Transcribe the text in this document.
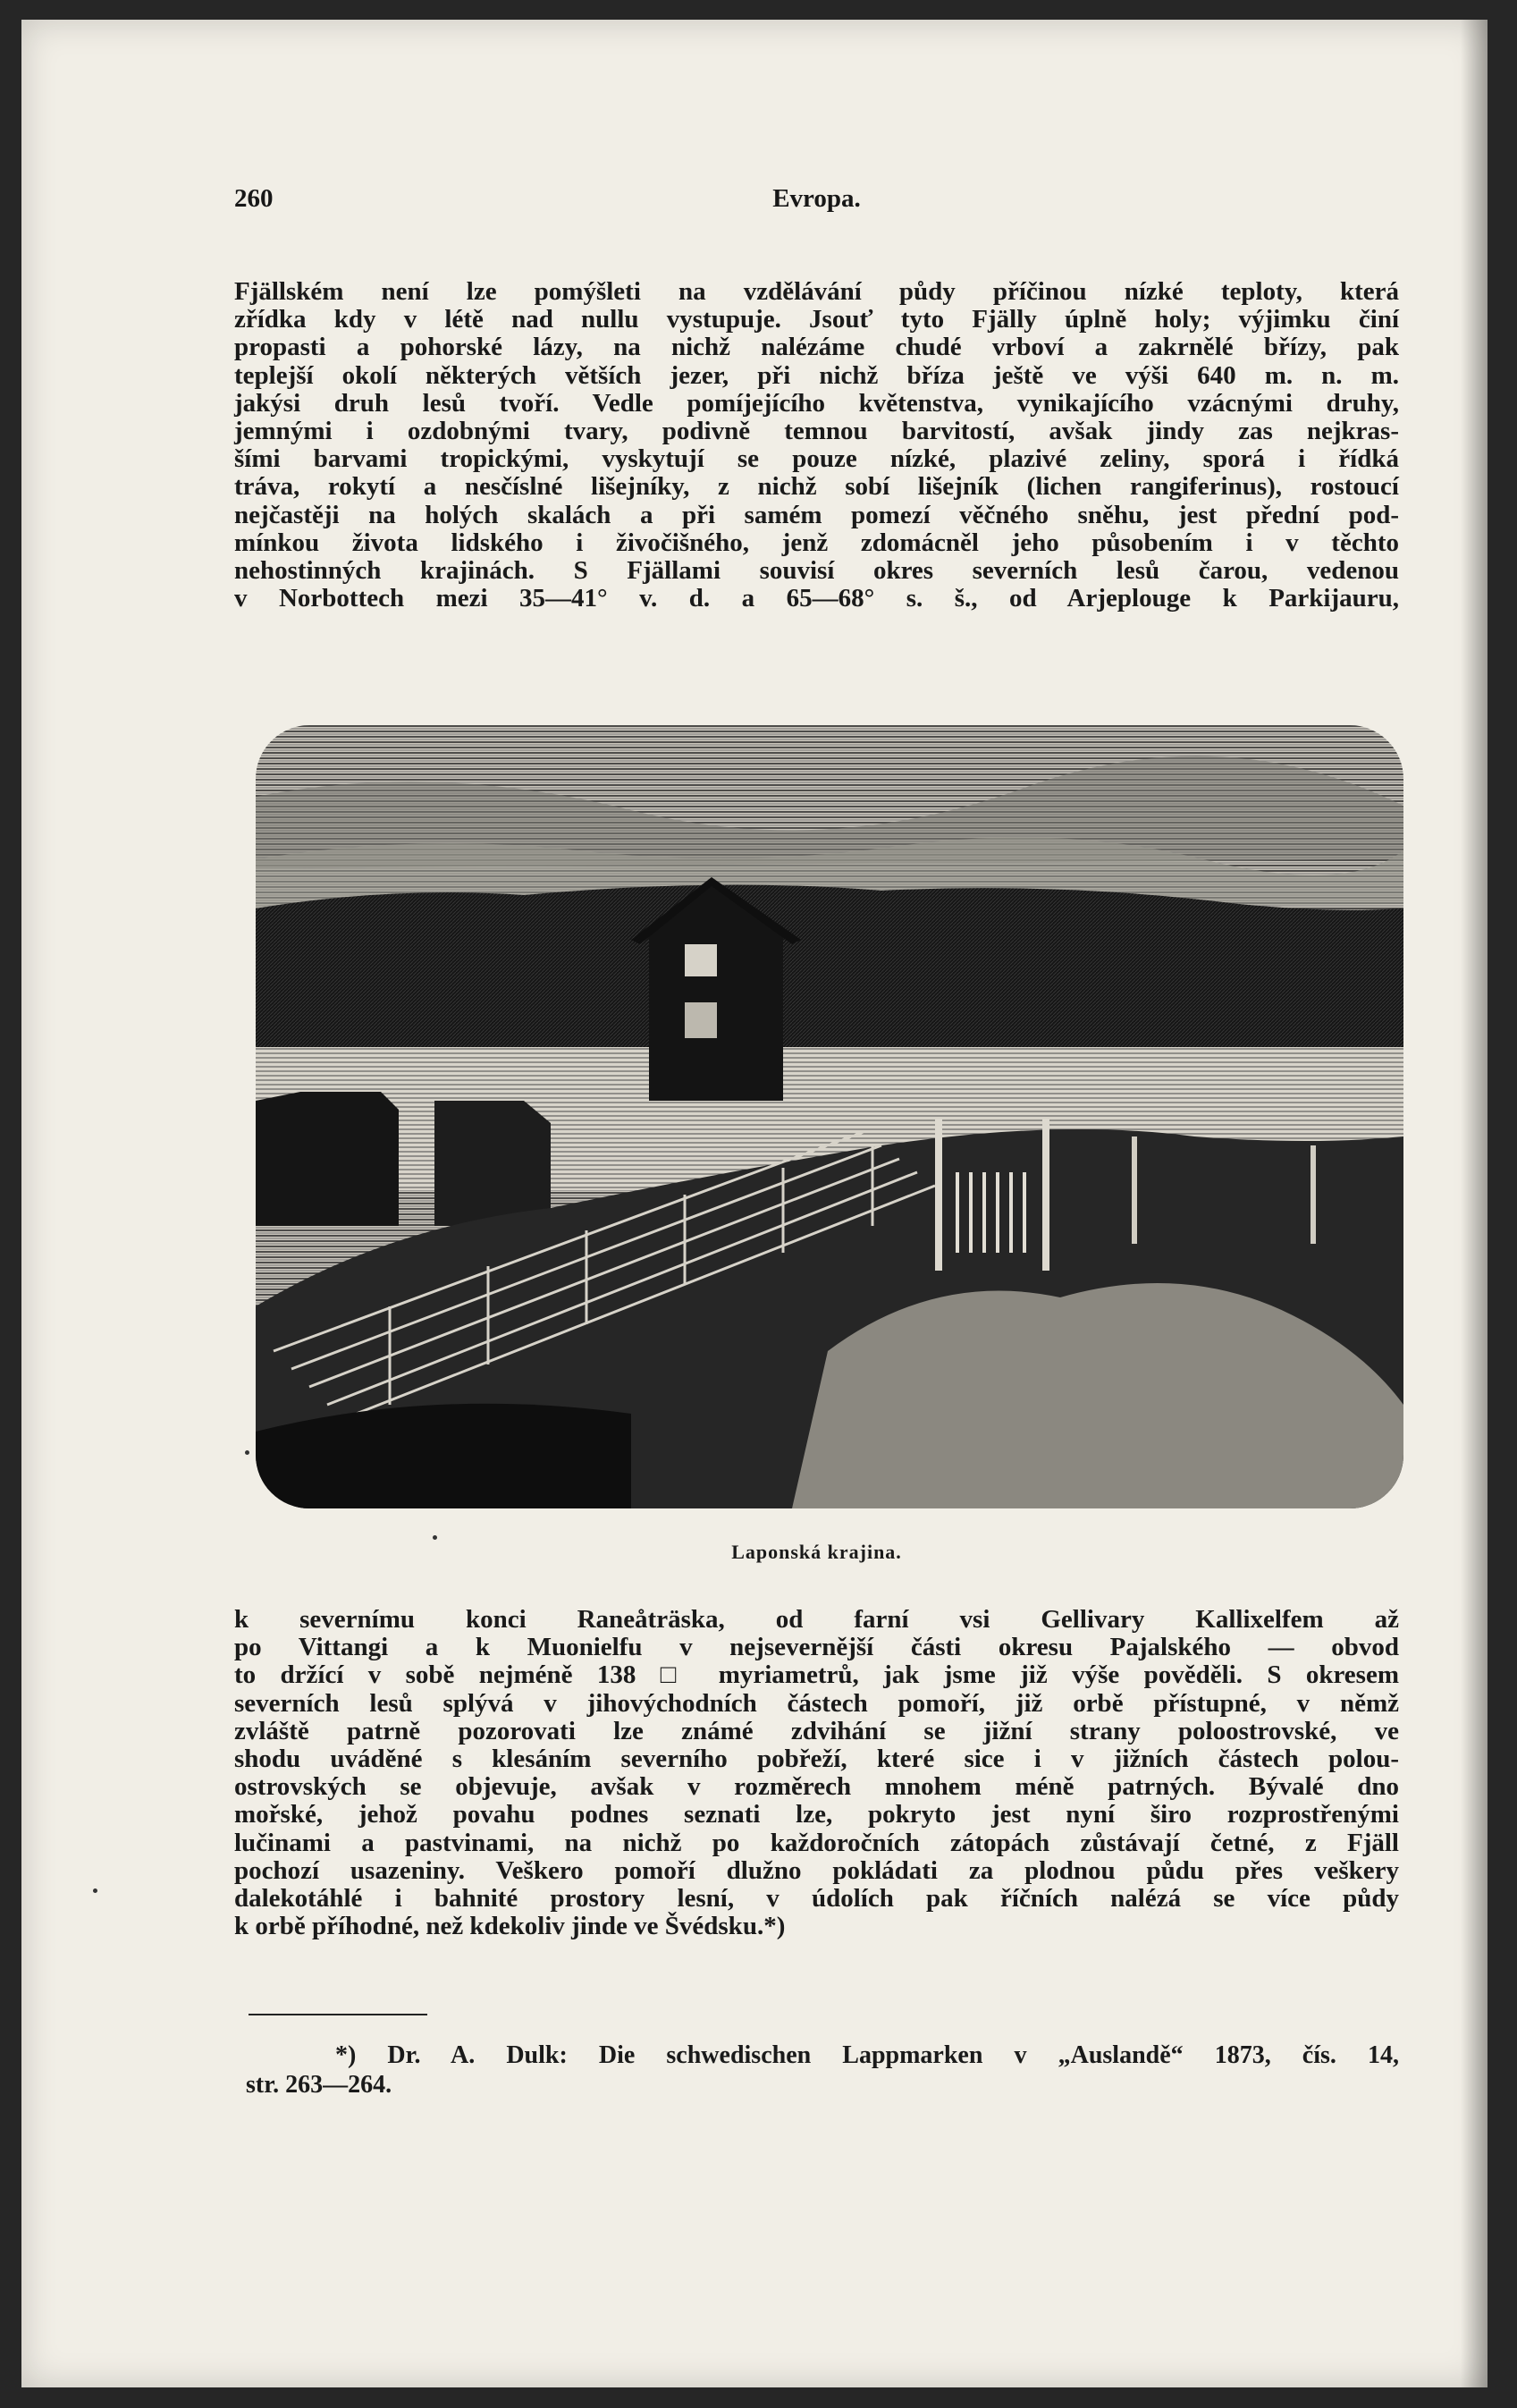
260	Evropa.
Fjällském není lze pomýšleti na vzdělávání půdy příčinou nízké teploty, která
zřídka kdy v létě nad nullu vystupuje. Jsouť tyto Fjälly úplně holy; výjimku činí
propasti a pohorské lázy, na nichž nalézáme chudé vrboví a zakrnělé břízy, pak
teplejší okolí některých větších jezer, při nichž bříza ještě ve výši 640 m. n. m.
jakýsi druh lesů tvoří. Vedle pomíjejícího květenstva, vynikajícího vzácnými druhy,
jemnými i ozdobnými tvary, podivně temnou barvitostí, avšak jindy zas nejkras-
šími barvami tropickými, vyskytují se pouze nízké, plazivé zeliny, sporá i řídká
tráva, rokytí a nesčíslné lišejníky, z nichž sobí lišejník (lichen rangiferinus), rostoucí
nejčastěji na holých skalách a při samém pomezí věčného sněhu, jest přední pod-
mínkou života lidského i živočišného, jenž zdomácněl jeho působením i v těchto
nehostinných krajinách. S Fjällami souvisí okres severních lesů čarou, vedenou
v Norbottech mezi 35—41° v. d. a 65—68° s. š., od Arjeplouge k Parkijauru,
Laponská krajina.
k severnímu konci Raneåträska, od farní vsi Gellivary Kallixelfem až
po Vittangi a k Muonielfu v nejsevernější části okresu Pajalského — obvod
to držící v sobě nejméně 138 □ myriametrů, jak jsme již výše pověděli. S okresem
severních lesů splývá v jihovýchodních částech pomoří, již orbě přístupné, v němž
zvláště patrně pozorovati lze známé zdvihání se jižní strany poloostrovské, ve
shodu uváděné s klesáním severního pobřeží, které sice i v jižních částech polou-
ostrovských se objevuje, avšak v rozměrech mnohem méně patrných. Bývalé dno
mořské, jehož povahu podnes seznati lze, pokryto jest nyní širo rozprostřenými
lučinami a pastvinami, na nichž po každoročních zátopách zůstávají četné, z Fjäll
pochozí usazeniny. Veškero pomoří dlužno pokládati za plodnou půdu přes veškery
dalekotáhlé i bahnité prostory lesní, v údolích pak říčních nalézá se více půdy
k orbě příhodné, než kdekoliv jinde ve Švédsku.*)
*) Dr. A. Dulk: Die schwedischen Lappmarken v „Auslandě“ 1873, čís. 14,
str. 263—264.
